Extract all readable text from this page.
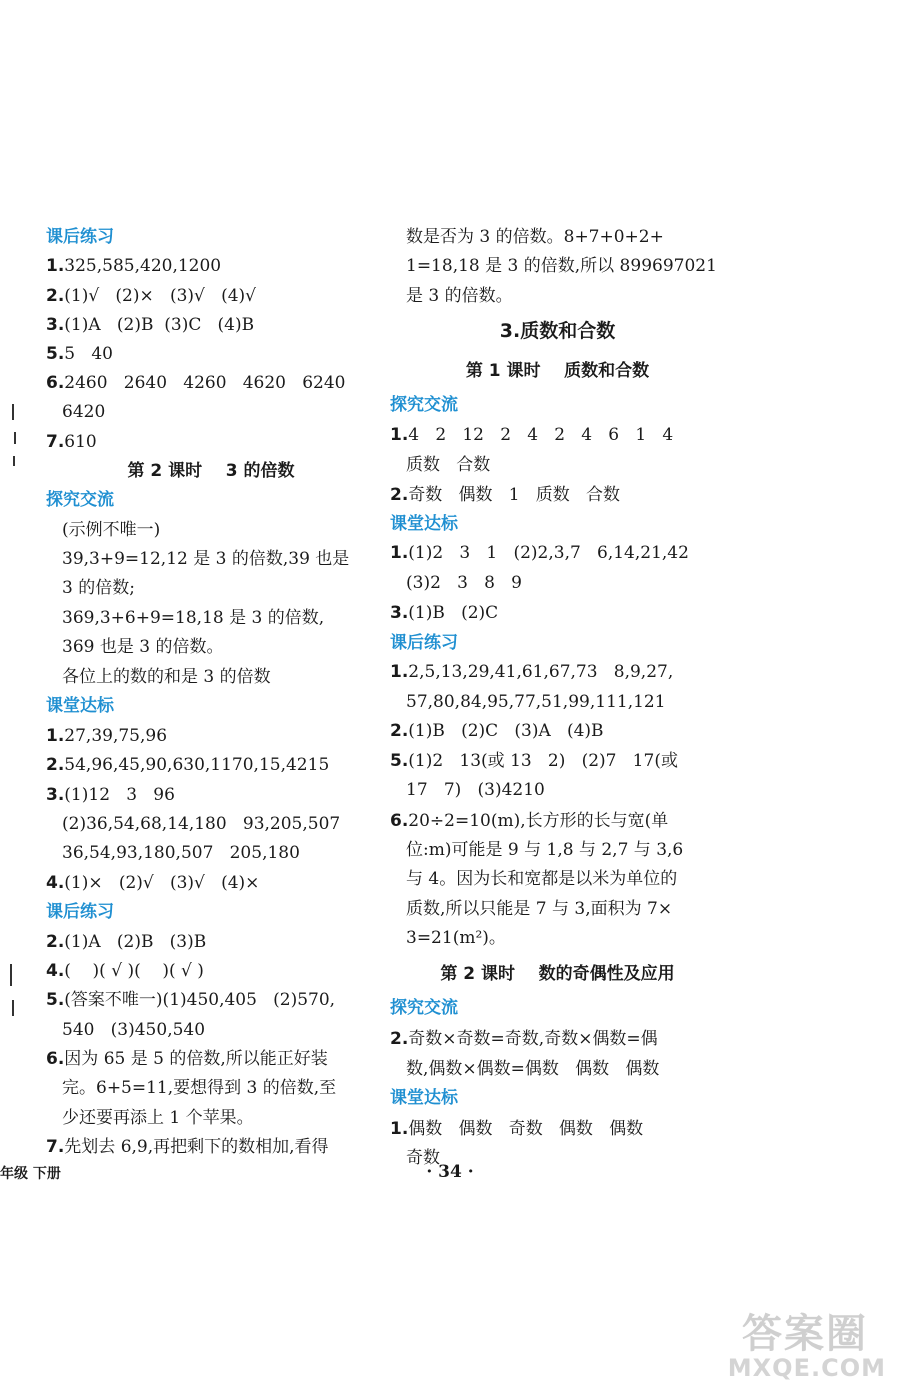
课后练习
1.325,585,420,1200
2.(1)√   (2)×   (3)√   (4)√
3.(1)A   (2)B  (3)C   (4)B
5.5   40
6.2460   2640   4260   4620   6240
6420
7.610
第 2 课时    3 的倍数
探究交流
(示例不唯一)
39,3+9=12,12 是 3 的倍数,39 也是
3 的倍数;
369,3+6+9=18,18 是 3 的倍数,
369 也是 3 的倍数。
各位上的数的和是 3 的倍数
课堂达标
1.27,39,75,96
2.54,96,45,90,630,1170,15,4215
3.(1)12   3   96
(2)36,54,68,14,180   93,205,507
36,54,93,180,507   205,180
4.(1)×   (2)√   (3)√   (4)×
课后练习
2.(1)A   (2)B   (3)B
4.(    )( √ )(    )( √ )
5.(答案不唯一)(1)450,405   (2)570,
540   (3)450,540
6.因为 65 是 5 的倍数,所以能正好装
完。6+5=11,要想得到 3 的倍数,至
少还要再添上 1 个苹果。
7.先划去 6,9,再把剩下的数相加,看得
数是否为 3 的倍数。8+7+0+2+
1=18,18 是 3 的倍数,所以 899697021
是 3 的倍数。
3.质数和合数
第 1 课时    质数和合数
探究交流
1.4   2   12   2   4   2   4   6   1   4
质数   合数
2.奇数   偶数   1   质数   合数
课堂达标
1.(1)2   3   1   (2)2,3,7   6,14,21,42
(3)2   3   8   9
3.(1)B   (2)C
课后练习
1.2,5,13,29,41,61,67,73   8,9,27,
57,80,84,95,77,51,99,111,121
2.(1)B   (2)C   (3)A   (4)B
5.(1)2   13(或 13   2)   (2)7   17(或
17   7)   (3)4210
6.20÷2=10(m),长方形的长与宽(单
位:m)可能是 9 与 1,8 与 2,7 与 3,6
与 4。因为长和宽都是以米为单位的
质数,所以只能是 7 与 3,面积为 7×
3=21(m²)。
第 2 课时    数的奇偶性及应用
探究交流
2.奇数×奇数=奇数,奇数×偶数=偶
数,偶数×偶数=偶数   偶数   偶数
课堂达标
1.偶数   偶数   奇数   偶数   偶数
奇数
年级 下册	· 34 ·
答案圈
MXQE.COM
